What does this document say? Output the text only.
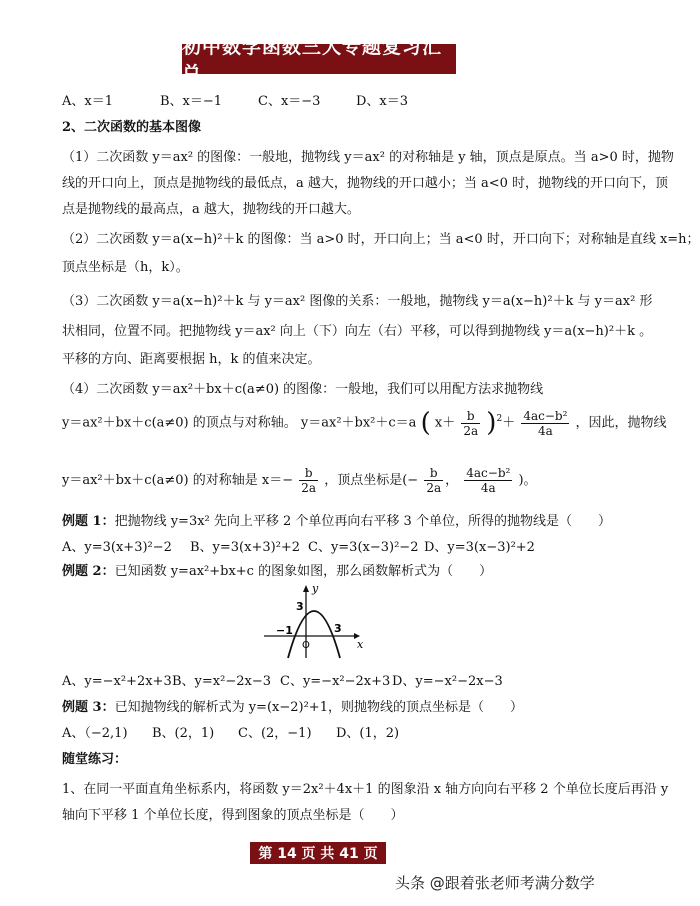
初中数学函数三大专题复习汇总
A、x＝1	B、x＝−1	C、x＝−3	D、x＝3
2、二次函数的基本图像
（1）二次函数 y＝ax² 的图像：一般地，抛物线 y＝ax² 的对称轴是 y 轴，顶点是原点。当 a>0 时，抛物
线的开口向上，顶点是抛物线的最低点，a 越大，抛物线的开口越小；当 a<0 时，抛物线的开口向下，顶
点是抛物线的最高点，a 越大，抛物线的开口越大。
（2）二次函数 y＝a(x−h)²＋k 的图像：当 a>0 时，开口向上；当 a<0 时，开口向下；对称轴是直线 x=h；
顶点坐标是（h，k）。
（3）二次函数 y＝a(x−h)²＋k 与 y＝ax² 图像的关系：一般地，抛物线 y＝a(x−h)²＋k 与 y＝ax² 形
状相同，位置不同。把抛物线 y＝ax² 向上（下）向左（右）平移，可以得到抛物线 y＝a(x−h)²＋k 。
平移的方向、距离要根据 h，k 的值来决定。
（4）二次函数 y＝ax²＋bx＋c(a≠0) 的图像：一般地，我们可以用配方法求抛物线
y＝ax²＋bx＋c(a≠0) 的顶点与对称轴。 y＝ax²＋bx²＋c＝a ( $x+ \frac{b}{2a} )^2+ \frac{\text{4ac−b²}}{4a}$ ，因此，抛物线
y＝ax²＋bx＋c(a≠0) 的对称轴是 $x=- \frac{b}{2a}$ ，顶点坐标是(− $\frac{b}{2a}$ ， $\frac{\text{4ac−b²}}{4a}$ )。
例题 1：把抛物线 y=3x² 先向上平移 2 个单位再向右平移 3 个单位，所得的抛物线是（　　）
A、y=3(x+3)²−2 B、y=3(x+3)²+2 C、y=3(x−3)²−2 D、y=3(x−3)²+2
例题 2：已知函数 y=ax²+bx+c 的图象如图，那么函数解析式为（　　）
y
x
3
−1
O
3
A、y=−x²+2x+3 B、y=x²−2x−3 C、y=−x²−2x+3 D、y=−x²−2x−3
例题 3：已知抛物线的解析式为 y=(x−2)²+1，则抛物线的顶点坐标是（　　）
A、（−2,1) B、(2，1) C、(2，−1) D、(1，2)
随堂练习：
1、在同一平面直角坐标系内，将函数 y＝2x²＋4x＋1 的图象沿 x 轴方向向右平移 2 个单位长度后再沿 y
轴向下平移 1 个单位长度，得到图象的顶点坐标是（　　）
第 14 页 共 41 页
头条 @跟着张老师考满分数学
